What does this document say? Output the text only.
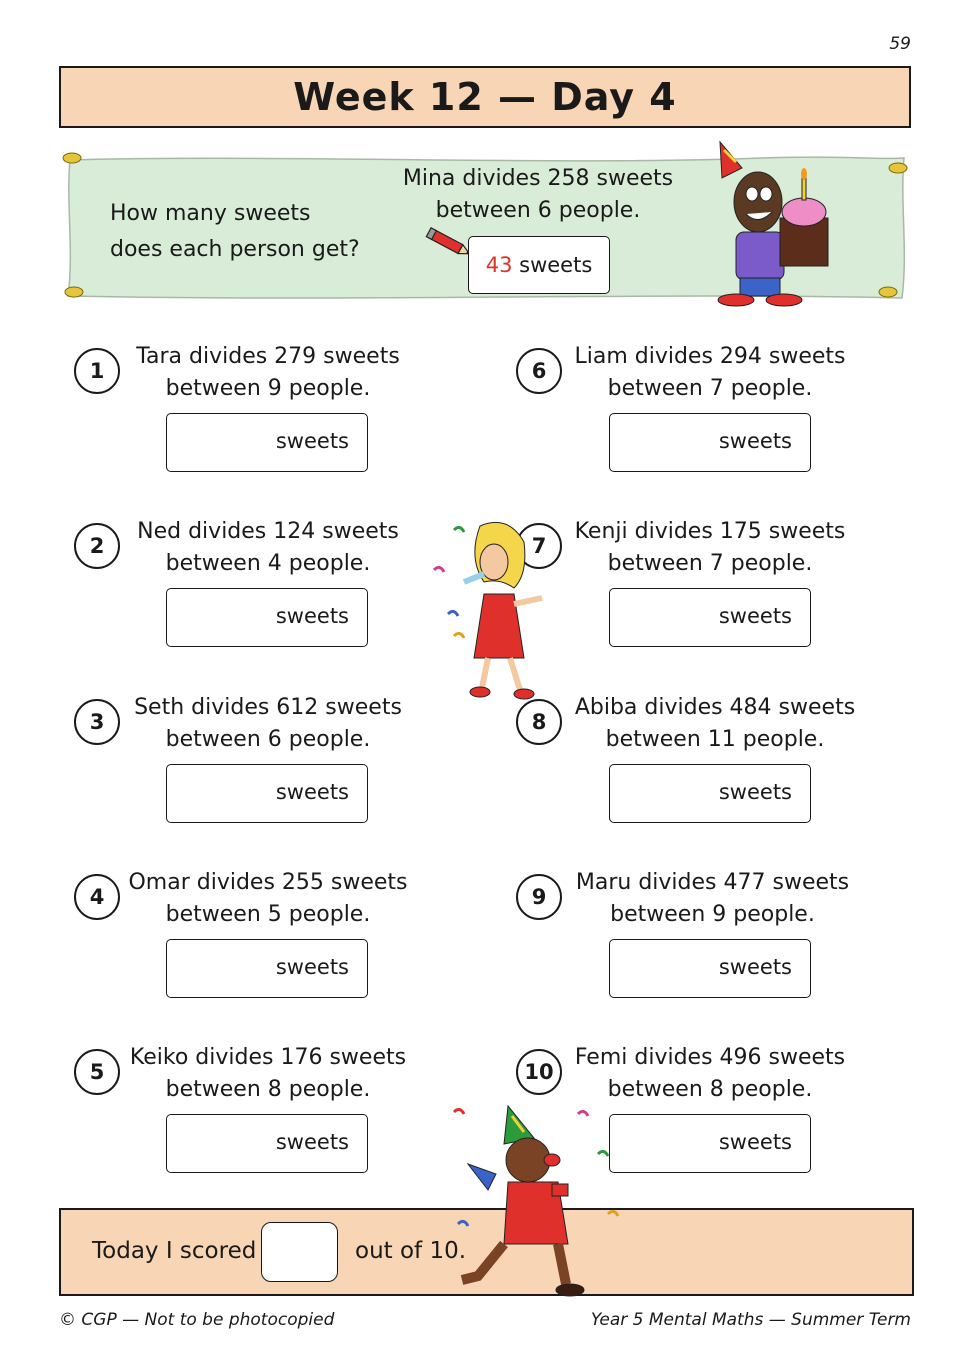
59
Week 12 — Day 4
How many sweets
does each person get?
Mina divides 258 sweets
between 6 people.
43 sweets
1
Tara divides 279 sweets
between 9 people.
sweets
2
Ned divides 124 sweets
between 4 people.
sweets
3
Seth divides 612 sweets
between 6 people.
sweets
4
Omar divides 255 sweets
between 5 people.
sweets
5
Keiko divides 176 sweets
between 8 people.
sweets
6
Liam divides 294 sweets
between 7 people.
sweets
7
Kenji divides 175 sweets
between 7 people.
sweets
8
Abiba divides 484 sweets
between 11 people.
sweets
9
Maru divides 477 sweets
between 9 people.
sweets
10
Femi divides 496 sweets
between 8 people.
sweets
Today I scored	out of 10.
© CGP — Not to be photocopied	Year 5 Mental Maths — Summer Term
